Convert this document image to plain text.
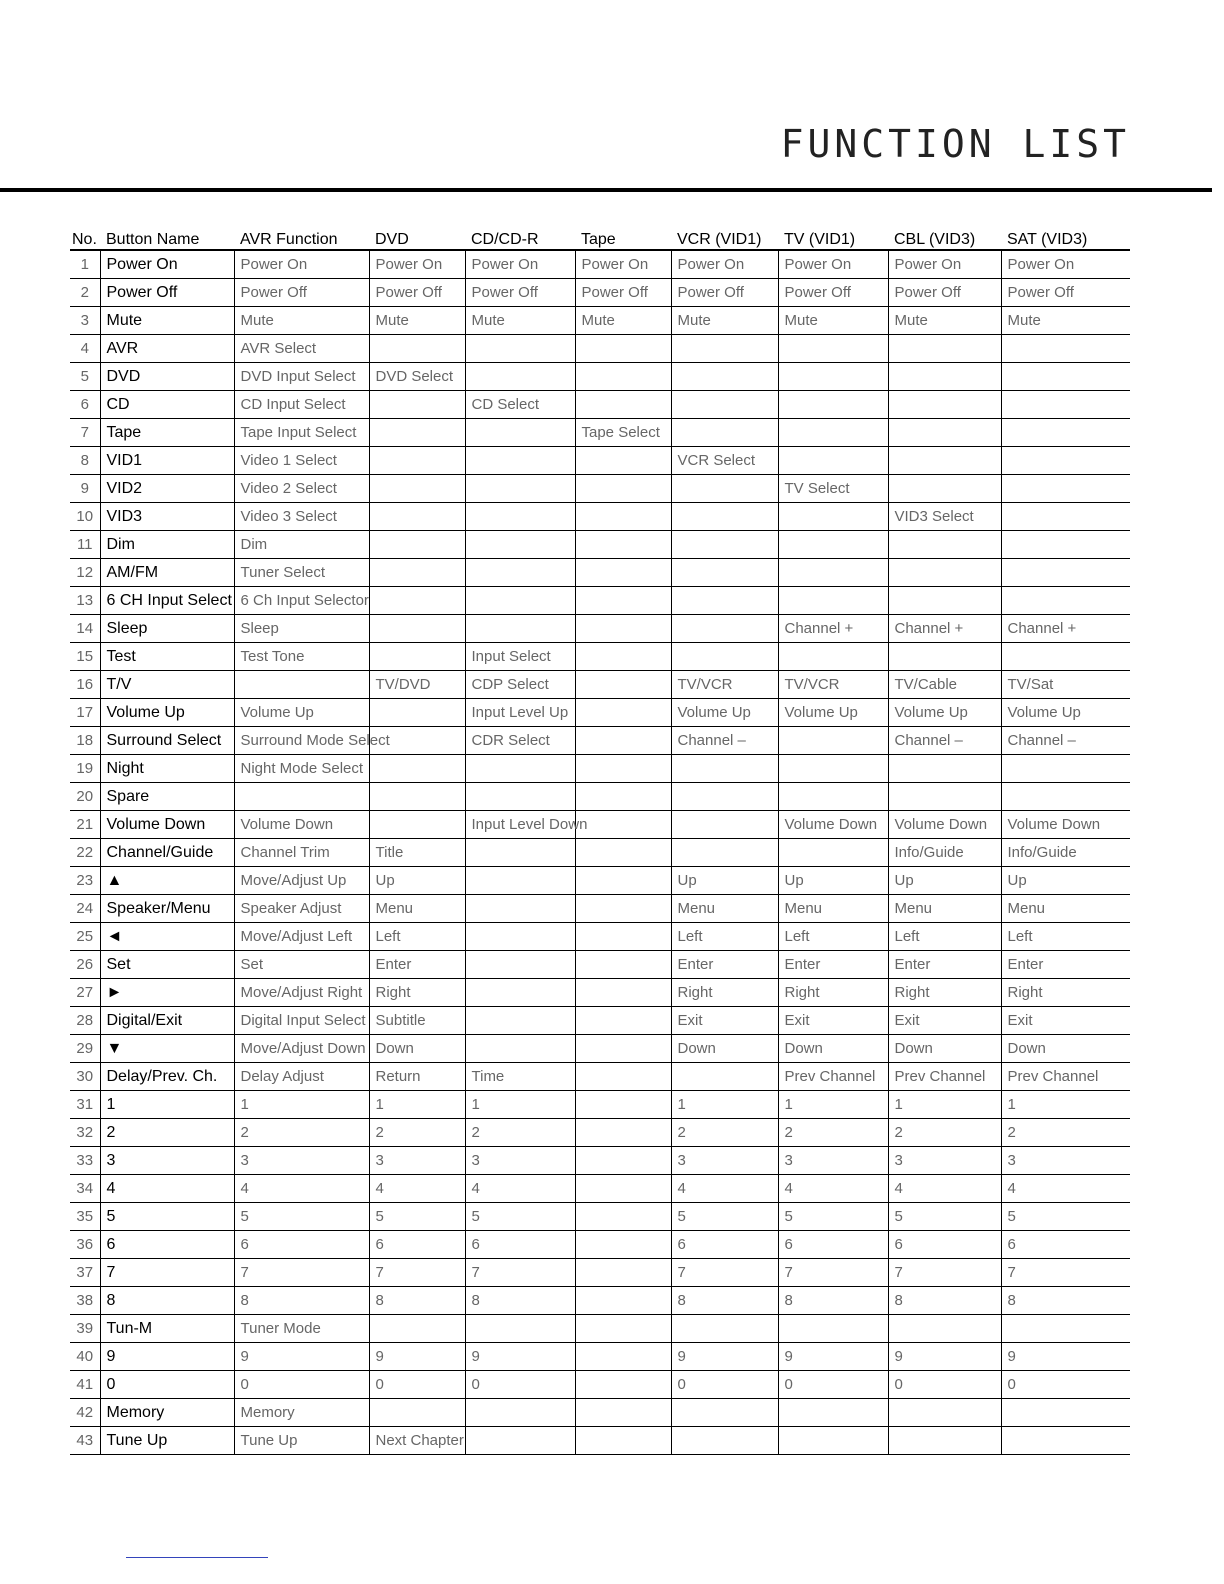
FUNCTION LIST
No.	Button Name	AVR Function	DVD	CD/CD-R	Tape	VCR (VID1)	TV (VID1)	CBL (VID3)	SAT (VID3)
1	Power On	Power On	Power On	Power On	Power On	Power On	Power On	Power On	Power On
2	Power Off	Power Off	Power Off	Power Off	Power Off	Power Off	Power Off	Power Off	Power Off
3	Mute	Mute	Mute	Mute	Mute	Mute	Mute	Mute	Mute
4	AVR	AVR Select							
5	DVD	DVD Input Select	DVD Select						
6	CD	CD Input Select		CD Select					
7	Tape	Tape Input Select			Tape Select				
8	VID1	Video 1 Select				VCR Select			
9	VID2	Video 2 Select					TV Select		
10	VID3	Video 3 Select						VID3 Select	
11	Dim	Dim							
12	AM/FM	Tuner Select							
13	6 CH Input Select	6 Ch Input Selector							
14	Sleep	Sleep					Channel +	Channel +	Channel +
15	Test	Test Tone		Input Select					
16	T/V		TV/DVD	CDP Select		TV/VCR	TV/VCR	TV/Cable	TV/Sat
17	Volume Up	Volume Up		Input Level Up		Volume Up	Volume Up	Volume Up	Volume Up
18	Surround Select	Surround Mode Select		CDR Select		Channel –		Channel –	Channel –
19	Night	Night Mode Select							
20	Spare								
21	Volume Down	Volume Down		Input Level Down			Volume Down	Volume Down	Volume Down
22	Channel/Guide	Channel Trim	Title					Info/Guide	Info/Guide
23	▲	Move/Adjust Up	Up			Up	Up	Up	Up
24	Speaker/Menu	Speaker Adjust	Menu			Menu	Menu	Menu	Menu
25	◄	Move/Adjust Left	Left			Left	Left	Left	Left
26	Set	Set	Enter			Enter	Enter	Enter	Enter
27	►	Move/Adjust Right	Right			Right	Right	Right	Right
28	Digital/Exit	Digital Input Select	Subtitle			Exit	Exit	Exit	Exit
29	▼	Move/Adjust Down	Down			Down	Down	Down	Down
30	Delay/Prev. Ch.	Delay Adjust	Return	Time			Prev Channel	Prev Channel	Prev Channel
31	1	1	1	1		1	1	1	1
32	2	2	2	2		2	2	2	2
33	3	3	3	3		3	3	3	3
34	4	4	4	4		4	4	4	4
35	5	5	5	5		5	5	5	5
36	6	6	6	6		6	6	6	6
37	7	7	7	7		7	7	7	7
38	8	8	8	8		8	8	8	8
39	Tun-M	Tuner Mode							
40	9	9	9	9		9	9	9	9
41	0	0	0	0		0	0	0	0
42	Memory	Memory							
43	Tune Up	Tune Up	Next Chapter						
